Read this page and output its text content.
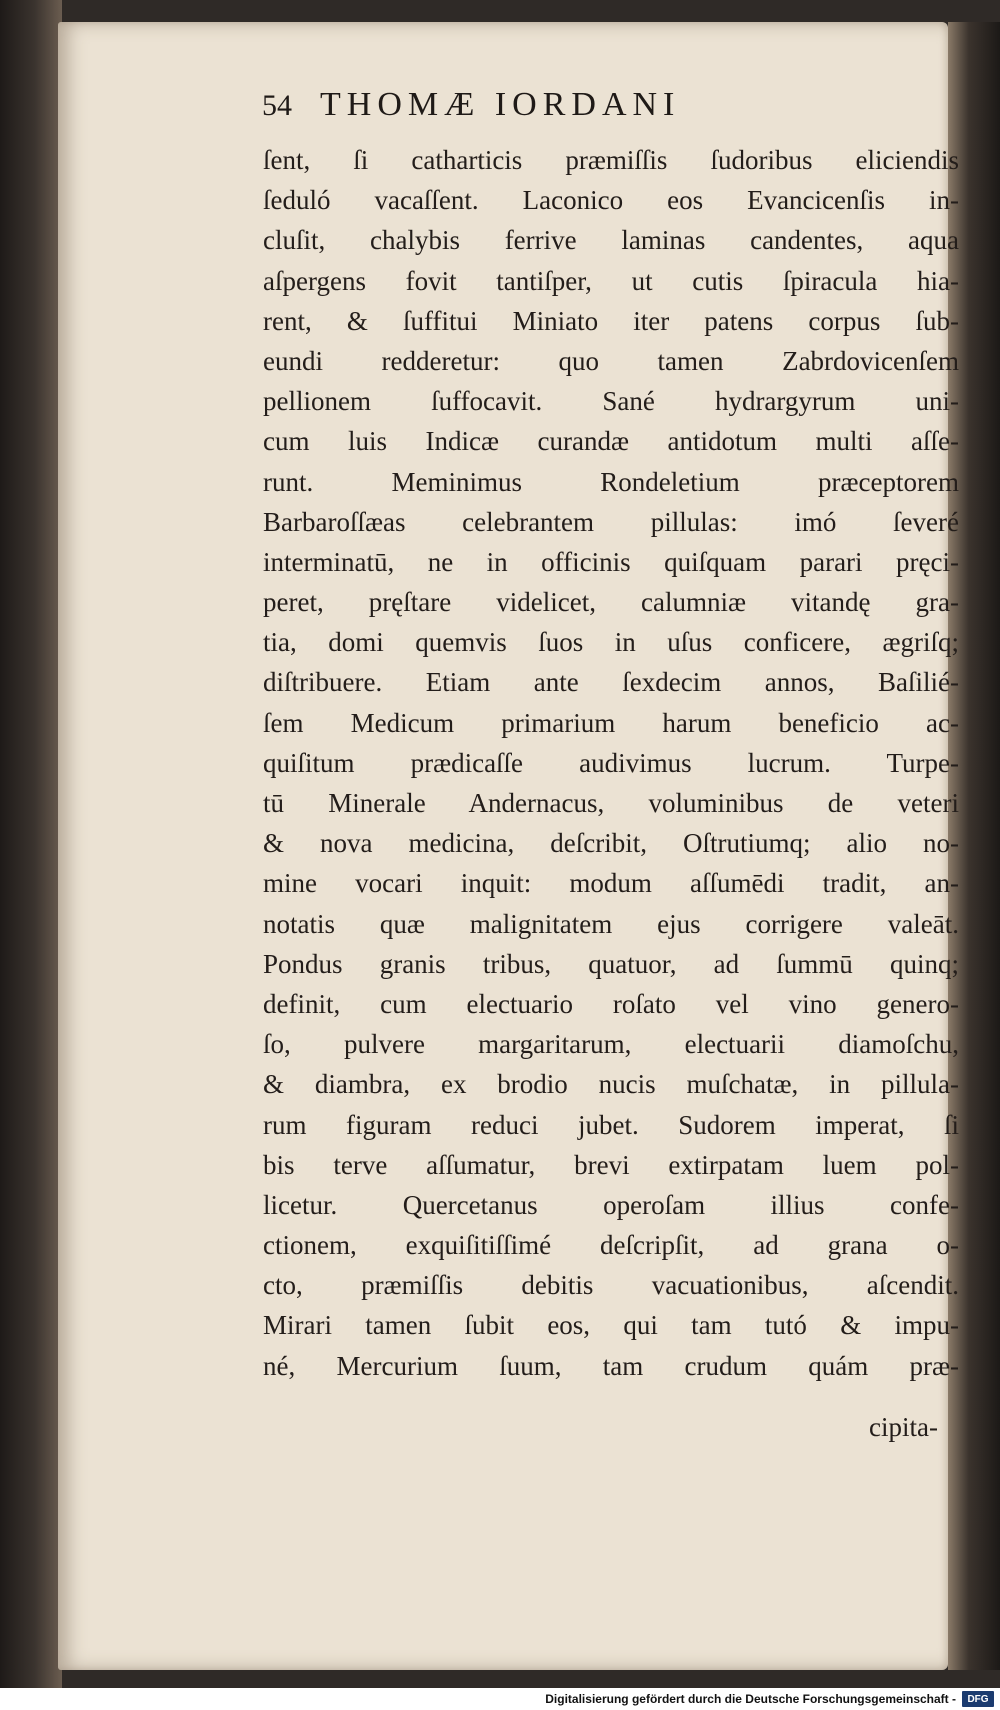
54 THOMÆ IORDANI
ſent, ſi catharticis præmiſſis ſudoribus eliciendis
ſeduló vacaſſent. Laconico eos Evancicenſis in-
cluſit, chalybis ferrive laminas candentes, aqua
aſpergens fovit tantiſper, ut cutis ſpiracula hia-
rent, & ſuffitui Miniato iter patens corpus ſub-
eundi redderetur: quo tamen Zabrdovicenſem
pellionem ſuffocavit. Sané hydrargyrum uni-
cum luis Indicæ curandæ antidotum multi aſſe-
runt. Meminimus Rondeletium præceptorem
Barbaroſſæas celebrantem pillulas: imó ſeveré
interminatū, ne in officinis quiſquam parari pręci-
peret, pręſtare videlicet, calumniæ vitandę gra-
tia, domi quemvis ſuos in uſus conficere, ægriſq;
diſtribuere. Etiam ante ſexdecim annos, Baſilié-
ſem Medicum primarium harum beneficio ac-
quiſitum prædicaſſe audivimus lucrum. Turpe-
tū Minerale Andernacus, voluminibus de veteri
& nova medicina, deſcribit, Oſtrutiumq; alio no-
mine vocari inquit: modum aſſumēdi tradit, an-
notatis quæ malignitatem ejus corrigere valeāt.
Pondus granis tribus, quatuor, ad ſummū quinq;
definit, cum electuario roſato vel vino genero-
ſo, pulvere margaritarum, electuarii diamoſchu,
& diambra, ex brodio nucis muſchatæ, in pillula-
rum figuram reduci jubet. Sudorem imperat, ſi
bis terve aſſumatur, brevi extirpatam luem pol-
licetur. Quercetanus operoſam illius confe-
ctionem, exquiſitiſſimé deſcripſit, ad grana o-
cto, præmiſſis debitis vacuationibus, aſcendit.
Mirari tamen ſubit eos, qui tam tutó & impu-
né, Mercurium ſuum, tam crudum quám præ-
cipita-
Digitalisierung gefördert durch die Deutsche Forschungsgemeinschaft -	DFG
